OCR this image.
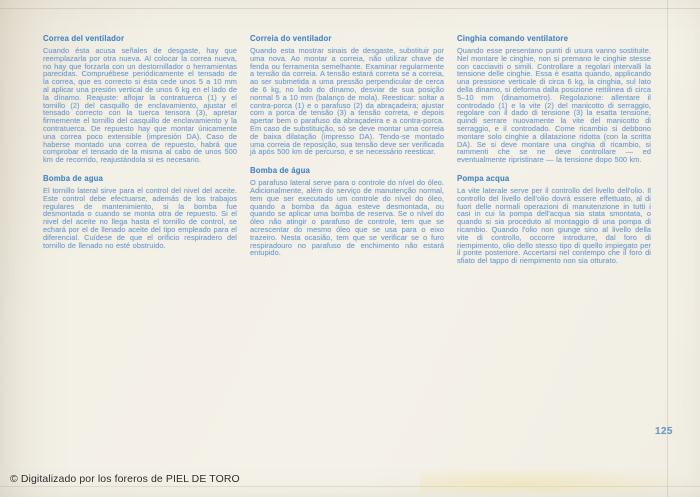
Correa del ventilador

Cuando ésta acusa señales de desgaste, hay que reemplazarla por otra nueva. Al colocar la correa nueva, no hay que forzarla con un destornillador o herramientas parecidas. Compruébese periódicamente el tensado de la correa, que es correcto si ésta cede unos 5 a 10 mm al aplicar una presión vertical de unos 6 kg en el lado de la dínamo. Reajuste: aflojar la contratuerca (1) y el tornillo (2) del casquillo de enclavamiento, ajustar el tensado correcto con la tuerca tensora (3), apretar firmemente el tornillo del casquillo de enclavamiento y la contratuerca. De repuesto hay que montar únicamente una correa poco extensible (impresión DA). Caso de haberse montado una correa de repuesto, habrá que comprobar el tensado de la misma al cabo de unos 500 km de recorrido, reajustándola si es necesario.

Bomba de agua

El tornillo lateral sirve para el control del nivel del aceite. Este control debe efectuarse, además de los trabajos regulares de mantenimiento, si la bomba fue desmontada o cuando se monta otra de repuesto. Si el nivel del aceite no llega hasta el tornillo de control, se echará por el de llenado aceite del tipo empleado para el diferencial. Cuídese de que el orificio respiradero del tornillo de llenado no esté obstruido.

Correia do ventilador

Quando esta mostrar sinais de desgaste, substituir por uma nova. Ao montar a correia, não utilizar chave de fenda ou ferramenta semelhante. Examinar regularmente a tensão da correia. A tensão estará correta se a correia, ao ser submetida a uma pressão perpendicular de cerca de 6 kg, no lado do dínamo, desviar de sua posição normal 5 a 10 mm (balanço de mola). Reesticar: soltar a contra-porca (1) e o parafuso (2) da abraçadeira; ajustar com a porca de tensão (3) a tensão correta, e depois apertar bem o parafuso da abraçadeira e a contra-porca. Em caso de substituição, só se deve montar uma correia de baixa dilatação (impresso DA). Tendo-se montado uma correia de reposição, sua tensão deve ser verificada já após 500 km de percurso, e se necessário reesticar.

Bomba de água

O parafuso lateral serve para o controle do nível do óleo. Adicionalmente, além do serviço de manutenção normal, tem que ser executado um controle do nível do óleo, quando a bomba da água esteve desmontada, ou quando se aplicar uma bomba de reserva. Se o nível do óleo não atingir o parafuso de controle, tem que se acrescentar do mesmo óleo que se usa para o eixo trazeiro. Nesta ocasião, tem que se verificar se o furo respiradouro no parafuso de enchimento não estará entupido.

Cinghia comando ventilatore

Quando esse presentano punti di usura vanno sostituite. Nel montare le cinghie, non si premano le cinghie stesse con cacciaviti o simili. Controllare a regolari intervalli la tensione delle cinghie. Essa è esatta quando, applicando una pressione verticale di circa 6 kg, la cinghia, sul lato della dinamo, si deforma dalla posizione rettilinea di circa 5–10 mm (dinamometro). Regolazione: allentare il controdado (1) e la vite (2) del manicotto di serraggio, regolare con il dado di tensione (3) la esatta tensione, quindi serrare nuovamente la vite del manicotto di serraggio, e il controdado. Come ricambio si debbono montare solo cinghie a dilatazione ridotta (con la scritta DA). Se si deve montare una cinghia di ricambio, si rammenti che se ne deve controllare — ed eventualmente ripristinare — la tensione dopo 500 km.

Pompa acqua

La vite laterale serve per il controllo del livello dell'olio. Il controllo del livello dell'olio dovrà essere effettuato, al di fuori delle normali operazioni di manutenzione in tutti i casi in cui la pompa dell'acqua sia stata smontata, o quando si sia proceduto al montaggio di una pompa di ricambio. Quando l'olio non giunge sino al livello della vite di controllo, occorre introdurre, dal foro di riempimento, olio dello stesso tipo di quello impiegato per il ponte posteriore. Accertarsi nel contempo che il foro di sfiato del tappo di riempimento non sia otturato.

125
© Digitalizado por los foreros de PIEL DE TORO
